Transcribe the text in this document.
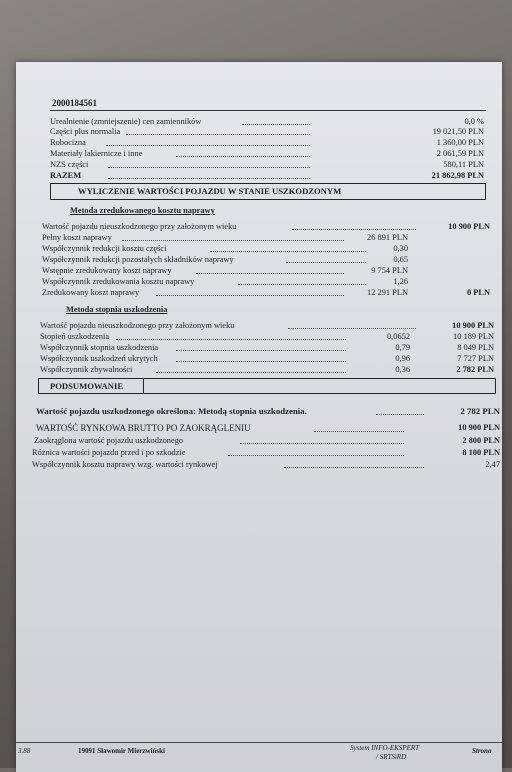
2000184561
Urealnienie (zmniejszenie) cen zamienników	0,0 %
Części plus normalia	19 021,50 PLN
Robocizna	1 360,00 PLN
Materiały lakiernicze i inne	2 061,59 PLN
NZS części	580,11 PLN
RAZEM	21 862,98 PLN
WYLICZENIE WARTOŚCI POJAZDU W STANIE USZKODZONYM
Metoda zredukowanego kosztu naprawy
Wartość pojazdu nieuszkodzonego przy założonym wieku	10 900 PLN
Pełny koszt naprawy	26 891 PLN
Współczynnik redukcji kosztu części	0,30
Współczynnik redukcji pozostałych składników naprawy	0,65
Wstępnie zredukowany koszt naprawy	9 754 PLN
Współczynnik zredukowania kosztu naprawy	1,26
Zredukowany koszt naprawy	12 291 PLN	0 PLN
Metoda stopnia uszkodzenia
Wartość pojazdu nieuszkodzonego przy założonym wieku	10 900 PLN
Stopień uszkodzenia	0,0652	10 189 PLN
Współczynnik stopnia uszkodzenia	0,79	8 049 PLN
Współczynnik uszkodzeń ukrytych	0,96	7 727 PLN
Współczynnik zbywalności	0,36	2 782 PLN
PODSUMOWANIE
Wartość pojazdu uszkodzonego określona: Metodą stopnia uszkodzenia.	2 782 PLN
WARTOŚĆ RYNKOWA BRUTTO PO ZAOKRĄGLENIU	10 900 PLN
Zaokrąglona wartość pojazdu uszkodzonego	2 800 PLN
Różnica wartości pojazdu przed i po szkodzie	8 100 PLN
Współczynnik kosztu naprawy wzg. wartości rynkowej	2,47
3.88	19091 Sławomir Mierzwiński	System INFO-EKSPERT
/ SRTSiRD
Strona
